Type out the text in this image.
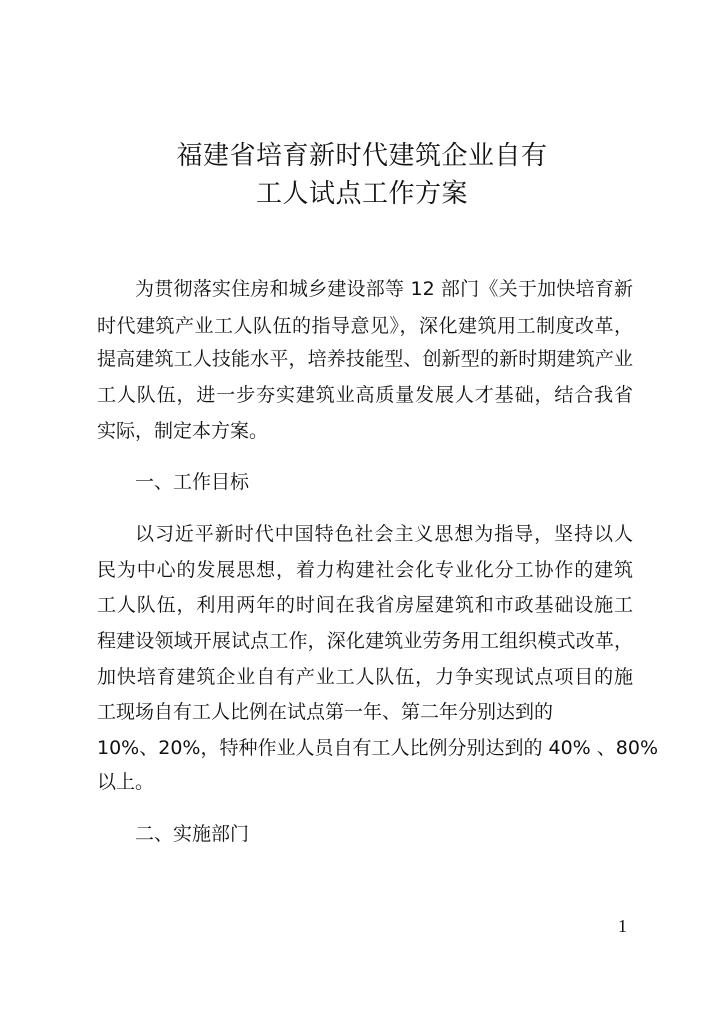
福建省培育新时代建筑企业自有
工人试点工作方案
为贯彻落实住房和城乡建设部等 12 部门《关于加快培育新
时代建筑产业工人队伍的指导意见》，深化建筑用工制度改革，
提高建筑工人技能水平，培养技能型、创新型的新时期建筑产业
工人队伍，进一步夯实建筑业高质量发展人才基础，结合我省
实际，制定本方案。
一、工作目标
以习近平新时代中国特色社会主义思想为指导，坚持以人
民为中心的发展思想，着力构建社会化专业化分工协作的建筑
工人队伍，利用两年的时间在我省房屋建筑和市政基础设施工
程建设领域开展试点工作，深化建筑业劳务用工组织模式改革，
加快培育建筑企业自有产业工人队伍，力争实现试点项目的施
工现场自有工人比例在试点第一年、第二年分别达到的
10%、20%，特种作业人员自有工人比例分别达到的 40% 、80%
以上。
二、实施部门
1
